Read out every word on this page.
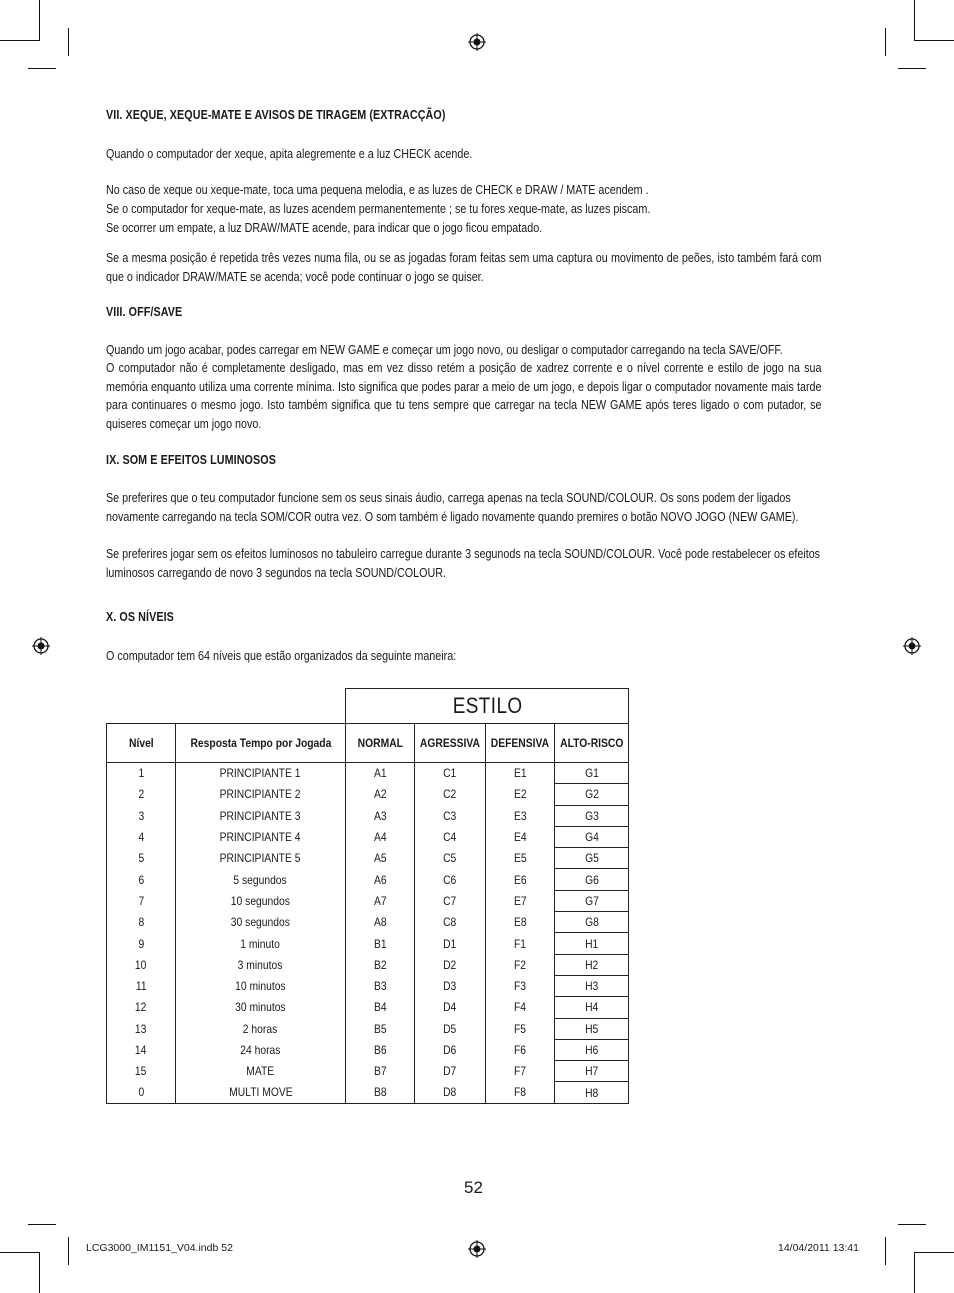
VII. XEQUE, XEQUE-MATE E AVISOS DE TIRAGEM (EXTRACÇÃO)
Quando o computador der xeque, apita alegremente e a luz CHECK acende.
No caso de xeque ou xeque-mate, toca uma pequena melodia, e as luzes de CHECK e DRAW / MATE acendem .
Se o computador for xeque-mate, as luzes acendem permanentemente ; se tu fores xeque-mate, as luzes piscam.
Se ocorrer um empate, a luz DRAW/MATE acende, para indicar que o jogo ficou empatado.
Se a mesma posição é repetida três vezes numa fila, ou se as jogadas foram feitas sem uma captura ou movimento de peões, isto também fará com que o indicador DRAW/MATE se acenda; você pode continuar o jogo se quiser.
VIII. OFF/SAVE
Quando um jogo acabar, podes carregar em NEW GAME e começar um jogo novo, ou desligar o computador carregando na tecla SAVE/OFF.
O computador não é completamente desligado, mas em vez disso retém a posição de xadrez corrente e o nível corrente e estilo de jogo na sua memória enquanto utiliza uma corrente mínima. Isto significa que podes parar a meio de um jogo, e depois ligar o computador novamente mais tarde para continuares o mesmo jogo. Isto também significa que tu tens sempre que carregar na tecla NEW GAME após teres ligado o com putador, se quiseres começar um jogo novo.
IX. SOM E EFEITOS LUMINOSOS
Se preferires que o teu computador funcione sem os seus sinais áudio, carrega apenas na tecla SOUND/COLOUR. Os sons podem der ligados
novamente carregando na tecla SOM/COR outra vez. O som também é ligado novamente quando premires o botão NOVO JOGO (NEW GAME).
Se preferires jogar sem os efeitos luminosos no tabuleiro carregue durante 3 segunods na tecla SOUND/COLOUR. Você pode restabelecer os efeitos
luminosos carregando de novo 3 segundos na tecla SOUND/COLOUR.
X. OS NÍVEIS
O computador tem 64 níveis que estão organizados da seguinte maneira:
		ESTILO			
Nível	Resposta Tempo por Jogada	NORMAL	AGRESSIVA	DEFENSIVA	ALTO-RISCO
1	PRINCIPIANTE 1	A1	C1	E1	G1
2	PRINCIPIANTE 2	A2	C2	E2	G2
3	PRINCIPIANTE 3	A3	C3	E3	G3
4	PRINCIPIANTE 4	A4	C4	E4	G4
5	PRINCIPIANTE 5	A5	C5	E5	G5
6	5 segundos	A6	C6	E6	G6
7	10 segundos	A7	C7	E7	G7
8	30 segundos	A8	C8	E8	G8
9	1 minuto	B1	D1	F1	H1
10	3 minutos	B2	D2	F2	H2
11	10 minutos	B3	D3	F3	H3
12	30 minutos	B4	D4	F4	H4
13	2 horas	B5	D5	F5	H5
14	24 horas	B6	D6	F6	H6
15	MATE	B7	D7	F7	H7
0	MULTI MOVE	B8	D8	F8	H8
52
LCG3000_IM1151_V04.indb 52	14/04/2011 13:41
